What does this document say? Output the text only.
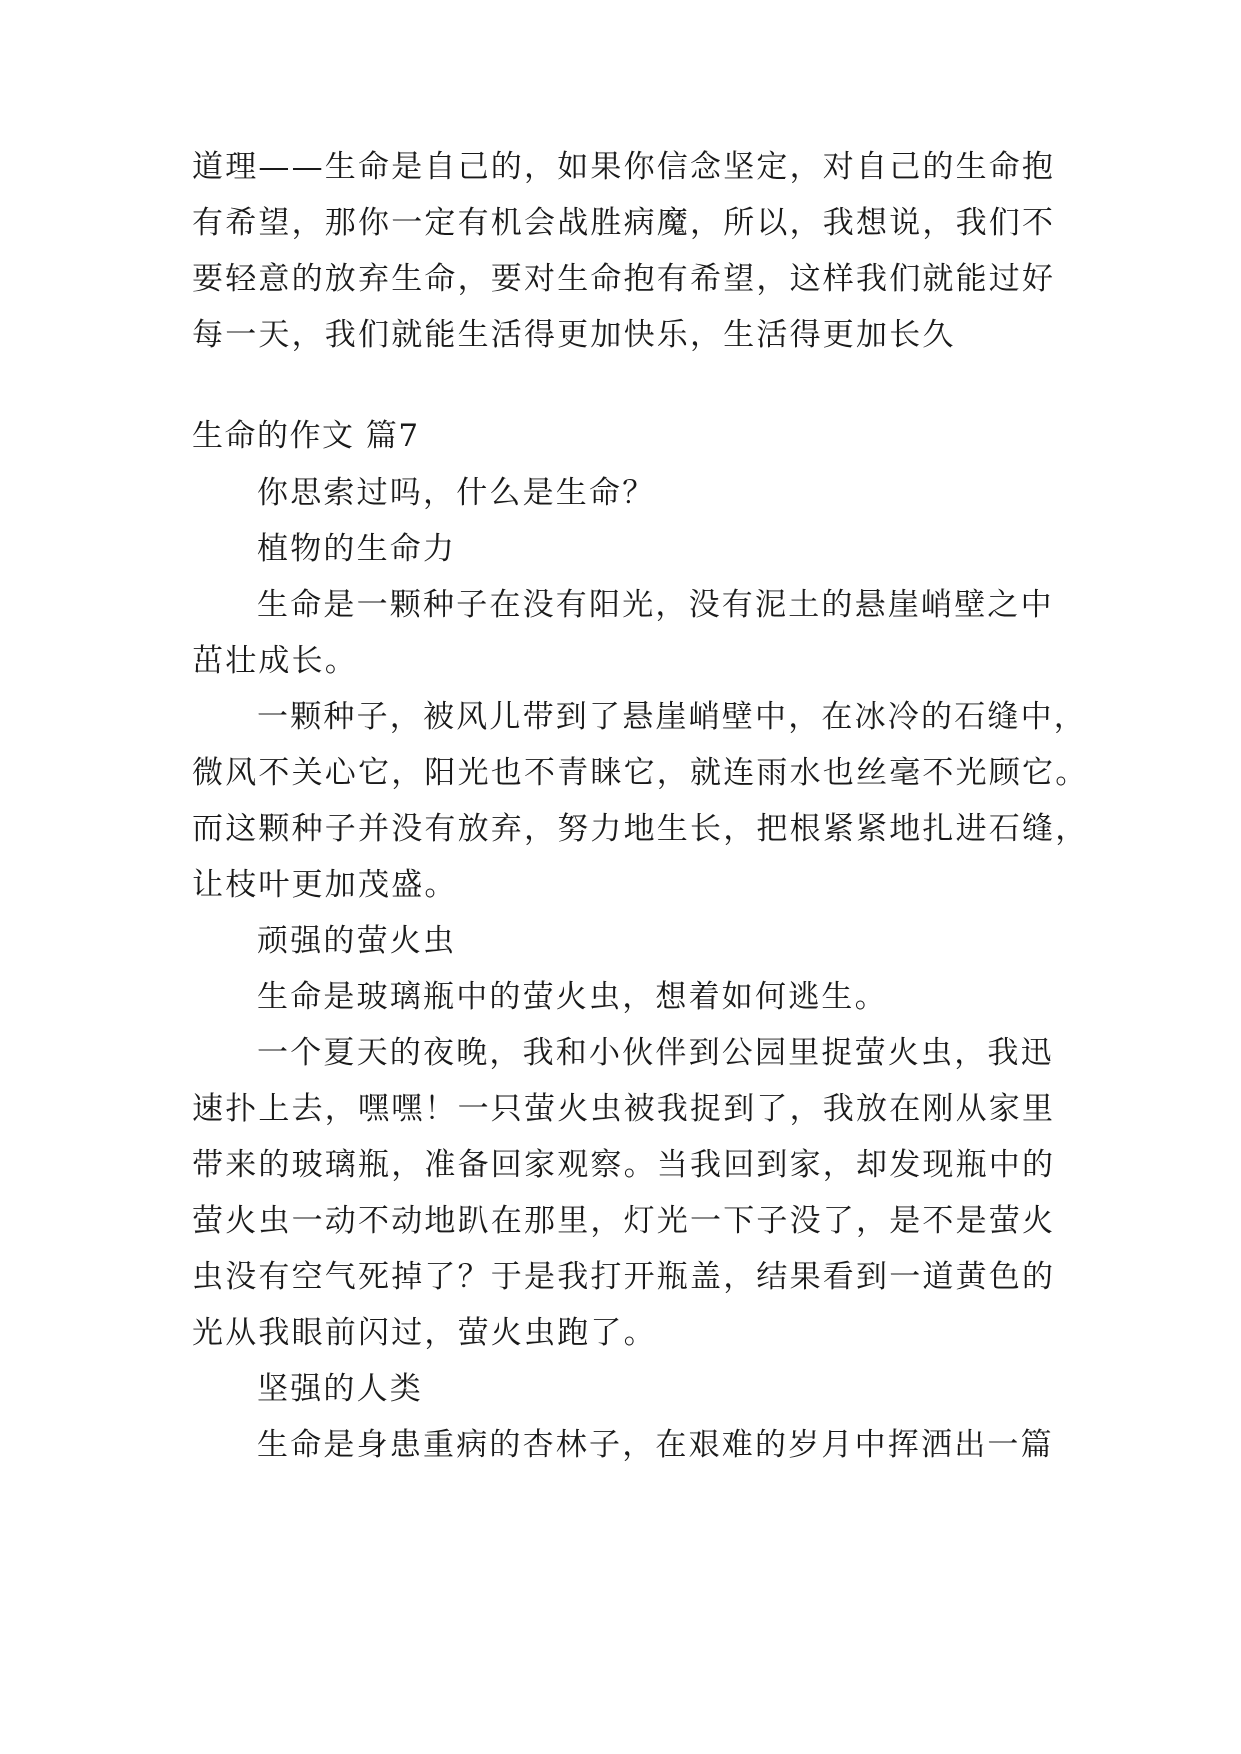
道理——生命是自己的，如果你信念坚定，对自己的生命抱
有希望，那你一定有机会战胜病魔，所以，我想说，我们不
要轻意的放弃生命，要对生命抱有希望，这样我们就能过好
每一天，我们就能生活得更加快乐，生活得更加长久
生命的作文 篇7
你思索过吗，什么是生命？
植物的生命力
生命是一颗种子在没有阳光，没有泥土的悬崖峭壁之中
茁壮成长。
一颗种子，被风儿带到了悬崖峭壁中，在冰冷的石缝中，
微风不关心它，阳光也不青睐它，就连雨水也丝毫不光顾它。
而这颗种子并没有放弃，努力地生长，把根紧紧地扎进石缝，
让枝叶更加茂盛。
顽强的萤火虫
生命是玻璃瓶中的萤火虫，想着如何逃生。
一个夏天的夜晚，我和小伙伴到公园里捉萤火虫，我迅
速扑上去，嘿嘿！一只萤火虫被我捉到了，我放在刚从家里
带来的玻璃瓶，准备回家观察。当我回到家，却发现瓶中的
萤火虫一动不动地趴在那里，灯光一下子没了，是不是萤火
虫没有空气死掉了？于是我打开瓶盖，结果看到一道黄色的
光从我眼前闪过，萤火虫跑了。
坚强的人类
生命是身患重病的杏林子，在艰难的岁月中挥洒出一篇
